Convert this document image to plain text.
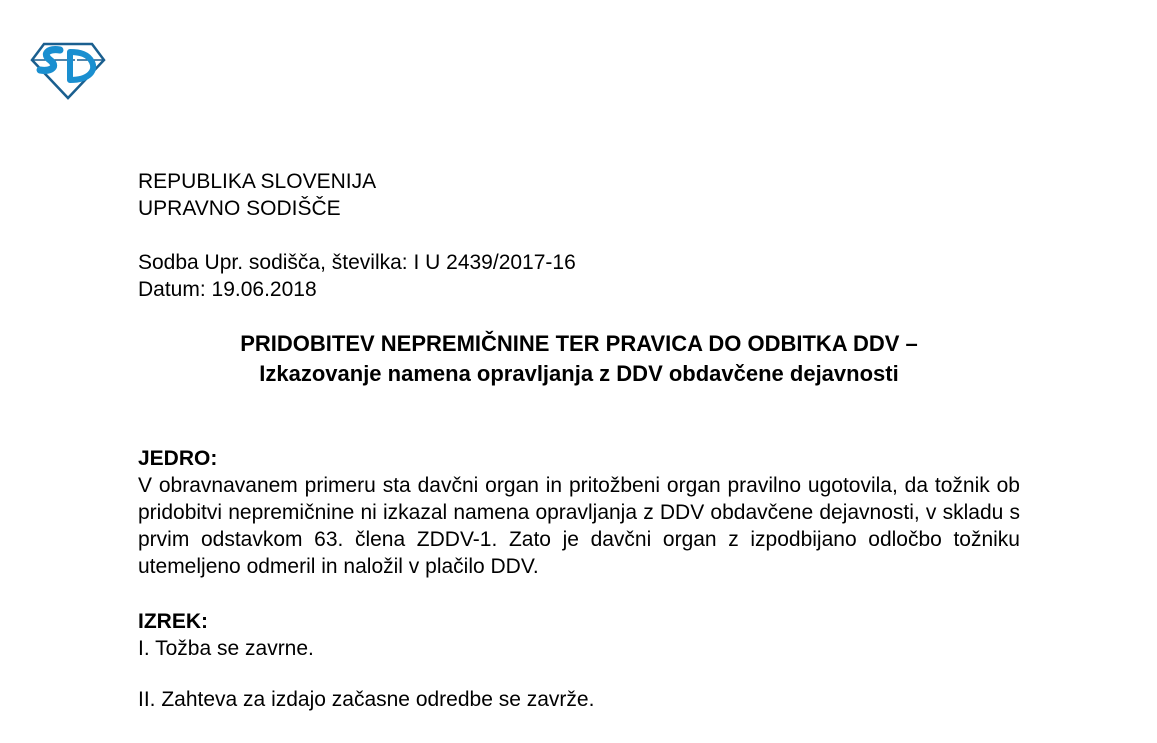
REPUBLIKA SLOVENIJA
UPRAVNO SODIŠČE
Sodba Upr. sodišča, številka: I U 2439/2017-16
Datum: 19.06.2018
PRIDOBITEV NEPREMIČNINE TER PRAVICA DO ODBITKA DDV –
Izkazovanje namena opravljanja z DDV obdavčene dejavnosti
JEDRO:
V obravnavanem primeru sta davčni organ in pritožbeni organ pravilno ugotovila, da tožnik ob pridobitvi nepremičnine ni izkazal namena opravljanja z DDV obdavčene dejavnosti, v skladu s prvim odstavkom 63. člena ZDDV-1. Zato je davčni organ z izpodbijano odločbo tožniku utemeljeno odmeril in naložil v plačilo DDV.
IZREK:
I. Tožba se zavrne.
II. Zahteva za izdajo začasne odredbe se zavrže.
